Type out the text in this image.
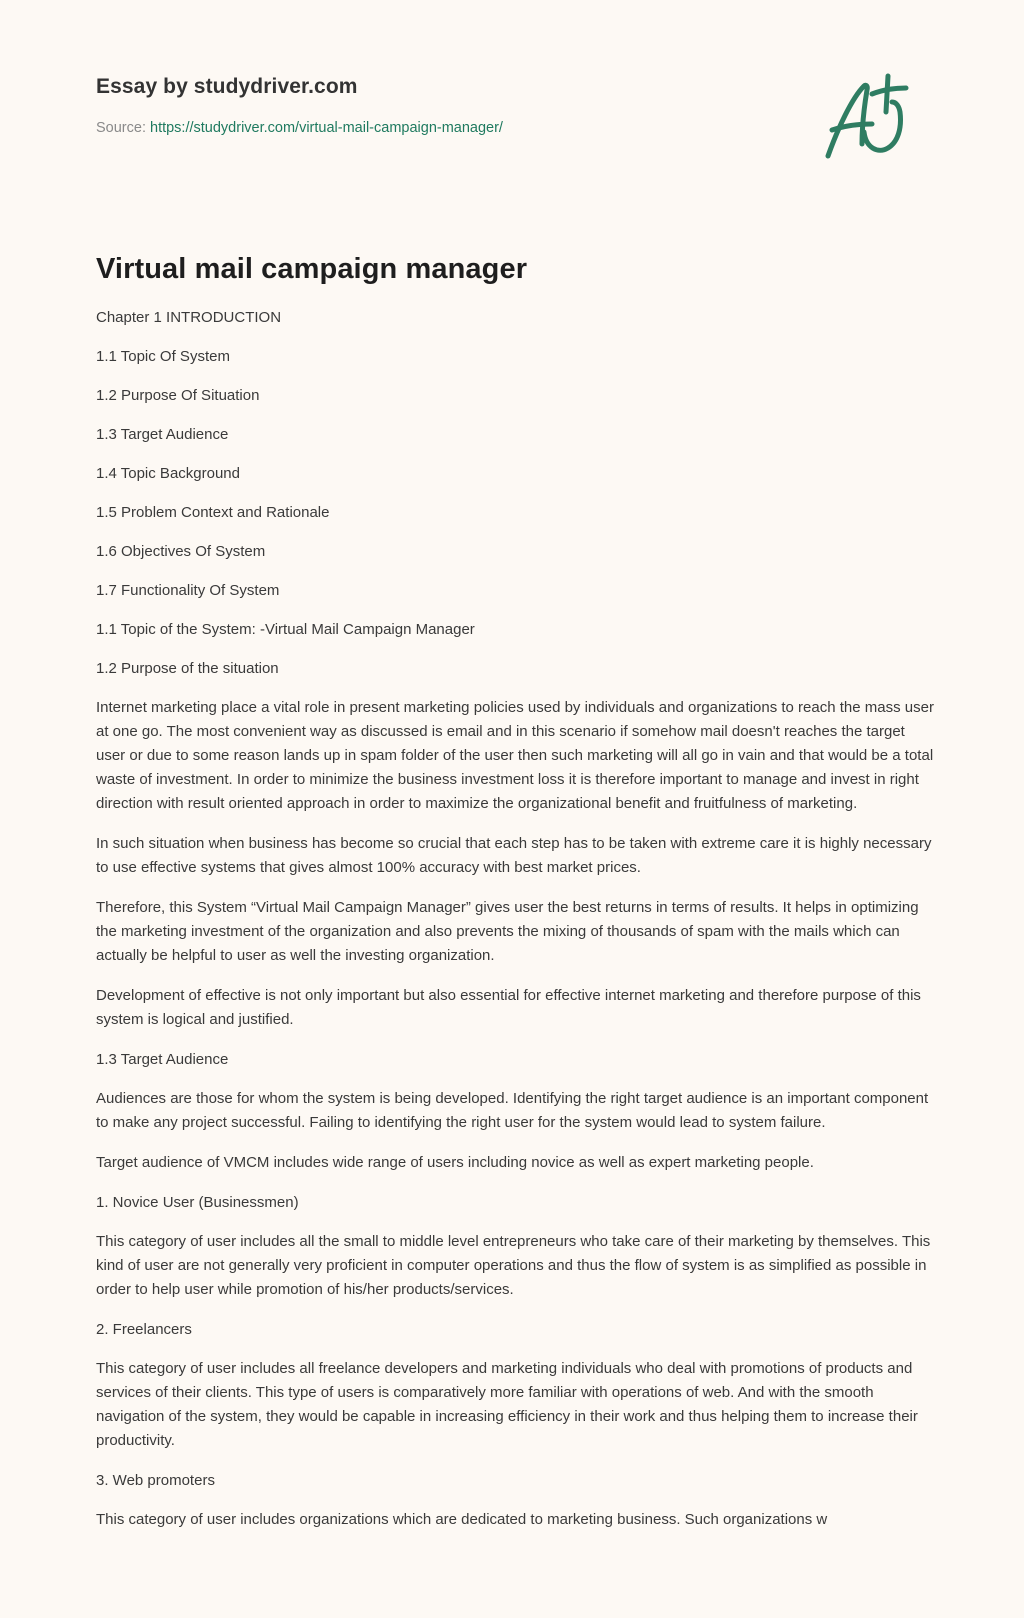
Essay by studydriver.com
Source: https://studydriver.com/virtual-mail-campaign-manager/
Virtual mail campaign manager

Chapter 1 INTRODUCTION

1.1 Topic Of System

1.2 Purpose Of Situation

1.3 Target Audience

1.4 Topic Background

1.5 Problem Context and Rationale

1.6 Objectives Of System

1.7 Functionality Of System

1.1 Topic of the System: -Virtual Mail Campaign Manager

1.2 Purpose of the situation

Internet marketing place a vital role in present marketing policies used by individuals and organizations to reach the mass user at one go. The most convenient way as discussed is email and in this scenario if somehow mail doesn't reaches the target user or due to some reason lands up in spam folder of the user then such marketing will all go in vain and that would be a total waste of investment. In order to minimize the business investment loss it is therefore important to manage and invest in right direction with result oriented approach in order to maximize the organizational benefit and fruitfulness of marketing.

In such situation when business has become so crucial that each step has to be taken with extreme care it is highly necessary to use effective systems that gives almost 100% accuracy with best market prices.

Therefore, this System “Virtual Mail Campaign Manager” gives user the best returns in terms of results. It helps in optimizing the marketing investment of the organization and also prevents the mixing of thousands of spam with the mails which can actually be helpful to user as well the investing organization.

Development of effective is not only important but also essential for effective internet marketing and therefore purpose of this system is logical and justified.

1.3 Target Audience

Audiences are those for whom the system is being developed. Identifying the right target audience is an important component to make any project successful. Failing to identifying the right user for the system would lead to system failure.

Target audience of VMCM includes wide range of users including novice as well as expert marketing people.

1. Novice User (Businessmen)

This category of user includes all the small to middle level entrepreneurs who take care of their marketing by themselves. This kind of user are not generally very proficient in computer operations and thus the flow of system is as simplified as possible in order to help user while promotion of his/her products/services.

2. Freelancers

This category of user includes all freelance developers and marketing individuals who deal with promotions of products and services of their clients. This type of users is comparatively more familiar with operations of web. And with the smooth navigation of the system, they would be capable in increasing efficiency in their work and thus helping them to increase their productivity.

3. Web promoters

This category of user includes organizations which are dedicated to marketing business. Such organizations w
